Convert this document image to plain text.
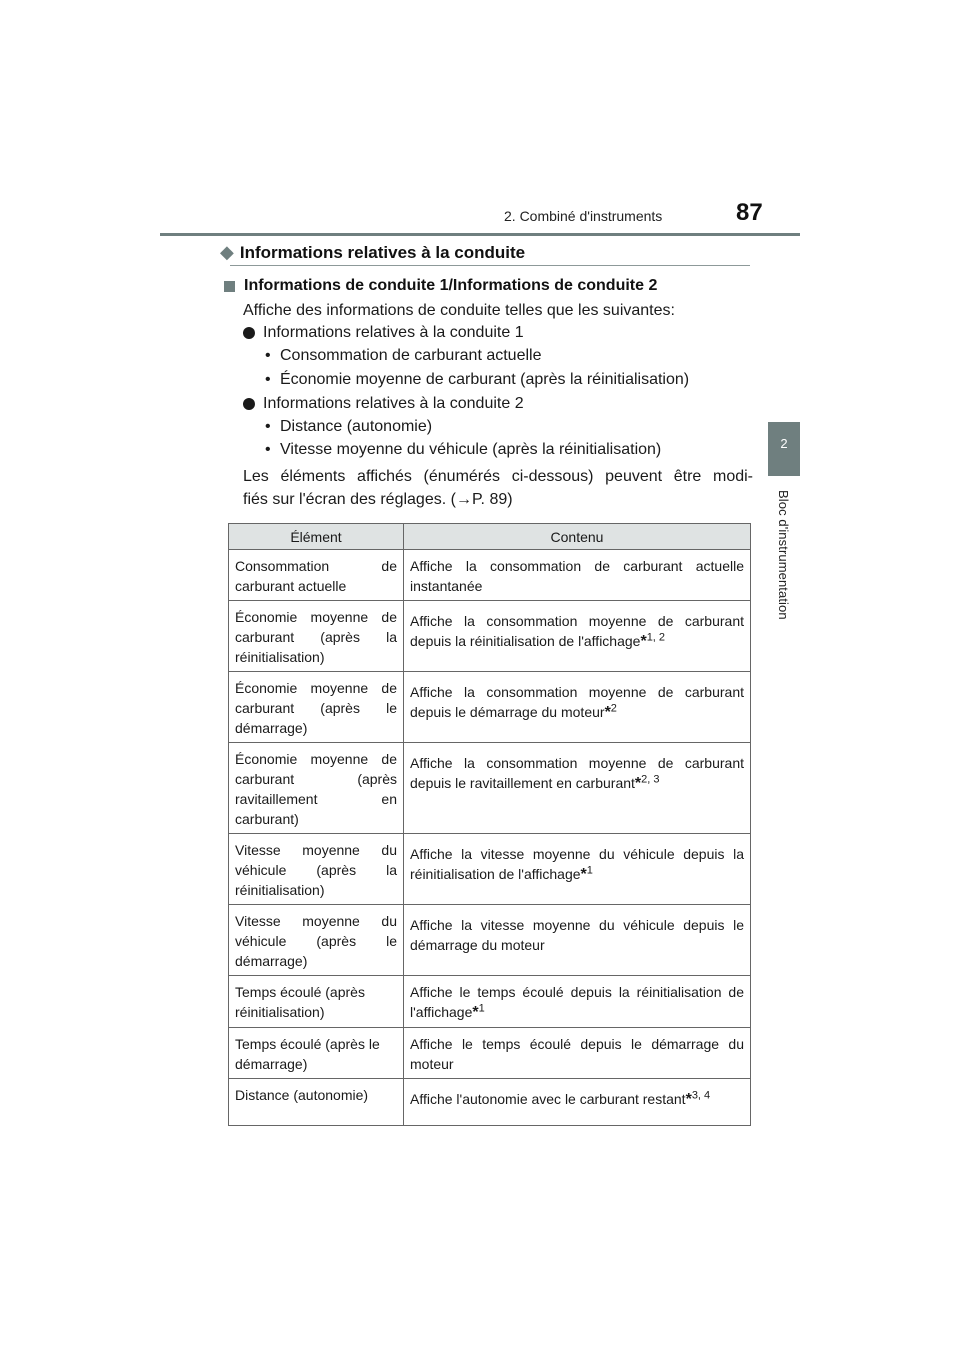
2. Combiné d'instruments	87
2
Bloc d'instrumentation
◆ Informations relatives à la conduite
Informations de conduite 1/Informations de conduite 2
Affiche des informations de conduite telles que les suivantes:
Informations relatives à la conduite 1
• Consommation de carburant actuelle
• Économie moyenne de carburant (après la réinitialisation)
Informations relatives à la conduite 2
• Distance (autonomie)
• Vitesse moyenne du véhicule (après la réinitialisation)
Les éléments affichés (énumérés ci-dessous) peuvent être modi-
fiés sur l'écran des réglages. (→P. 89)
Élément	Contenu
Consommation de carburant actuelle	Affiche la consommation de carburant actuelle instantanée
Économie moyenne de carburant (après la réinitialisation)	Affiche la consommation moyenne de carburant depuis la réinitialisation de l'affichage*$^{1, 2}$
Économie moyenne de carburant (après le démarrage)	Affiche la consommation moyenne de carburant depuis le démarrage du moteur*$^2$
Économie moyenne de carburant (après ravitaillement en carburant)	Affiche la consommation moyenne de carburant depuis le ravitaillement en carburant*$^{2, 3}$
Vitesse moyenne du véhicule (après la réinitialisation)	Affiche la vitesse moyenne du véhicule depuis la réinitialisation de l'affichage*$^1$
Vitesse moyenne du véhicule (après le démarrage)	Affiche la vitesse moyenne du véhicule depuis le démarrage du moteur
Temps écoulé (après réinitialisation)	Affiche le temps écoulé depuis la réinitialisation de l'affichage*$^1$
Temps écoulé (après le démarrage)	Affiche le temps écoulé depuis le démarrage du moteur
Distance (autonomie)	Affiche l'autonomie avec le carburant restant*$^{3, 4}$
